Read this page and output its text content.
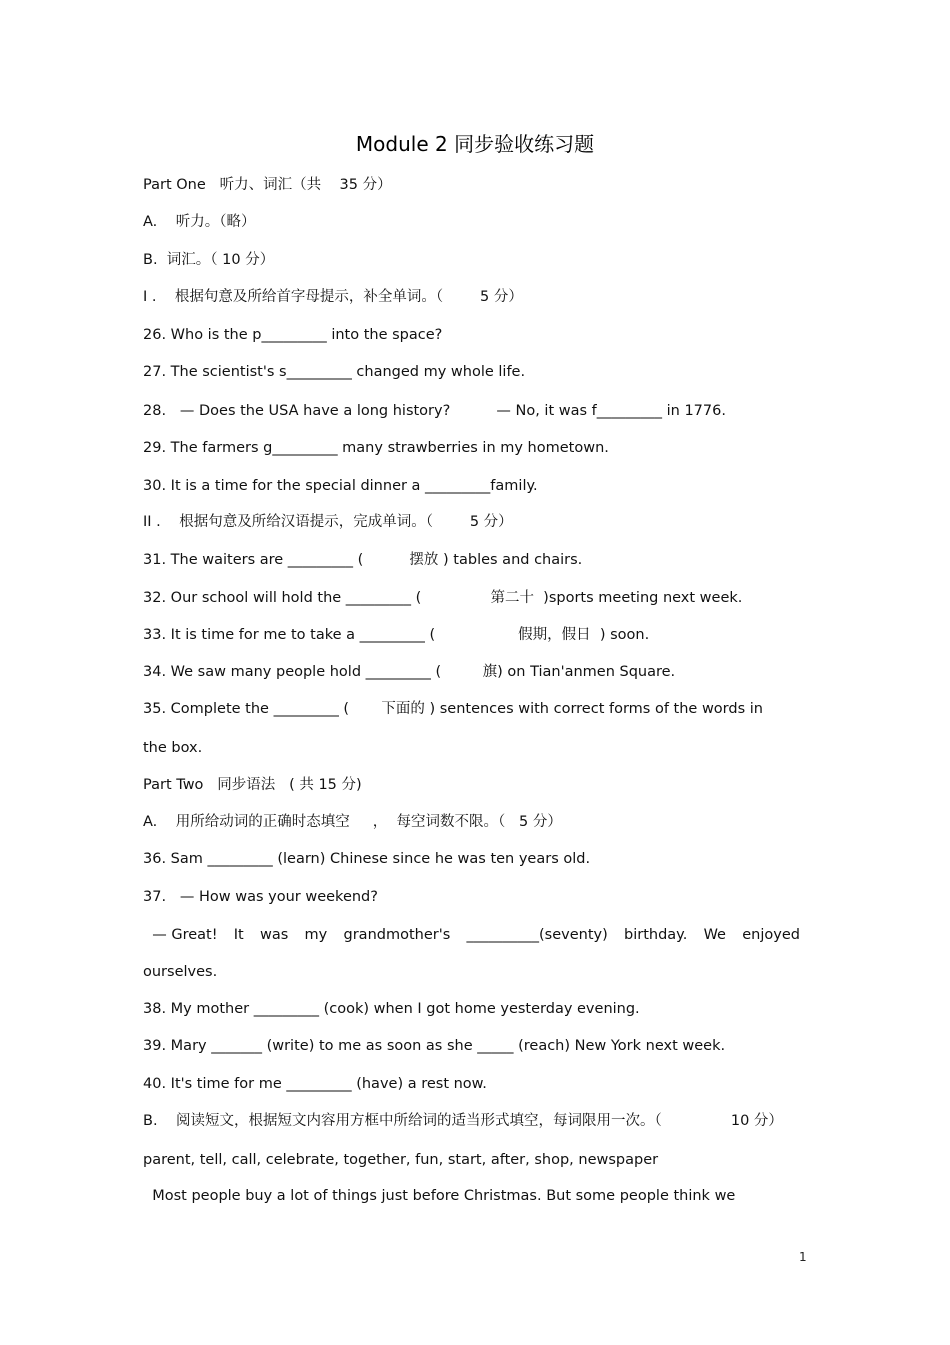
Module 2 同步验收练习题
Part One   听力、词汇（共    35 分）
A.    听力。（略）
B.  词汇。（ 10 分）
I .    根据句意及所给首字母提示，补全单词。（        5 分）
26. Who is the p_________ into the space?
27. The scientist's s_________ changed my whole life.
28.   — Does the USA have a long history?          — No, it was f_________ in 1776.
29. The farmers g_________ many strawberries in my hometown.
30. It is a time for the special dinner a _________family.
II .    根据句意及所给汉语提示，完成单词。（        5 分）
31. The waiters are _________ (          摆放 ) tables and chairs.
32. Our school will hold the _________ (               第二十  )sports meeting next week.
33. It is time for me to take a _________ (                  假期，假日  ) soon.
34. We saw many people hold _________ (         旗) on Tian'anmen Square.
35. Complete the _________ (       下面的 ) sentences with correct forms of the words in
the box.
Part Two   同步语法   ( 共 15 分)
A.    用所给动词的正确时态填空     ，  每空词数不限。（   5 分）
36. Sam _________ (learn) Chinese since he was ten years old.
37.   — How was your weekend?
— Great! It was my grandmother's __________(seventy) birthday. We enjoyed
ourselves.
38. My mother _________ (cook) when I got home yesterday evening.
39. Mary _______ (write) to me as soon as she _____ (reach) New York next week.
40. It's time for me _________ (have) a rest now.
B.    阅读短文，根据短文内容用方框中所给词的适当形式填空，每词限用一次。（               10 分）
parent, tell, call, celebrate, together, fun, start, after, shop, newspaper
Most people buy a lot of things just before Christmas. But some people think we
1
